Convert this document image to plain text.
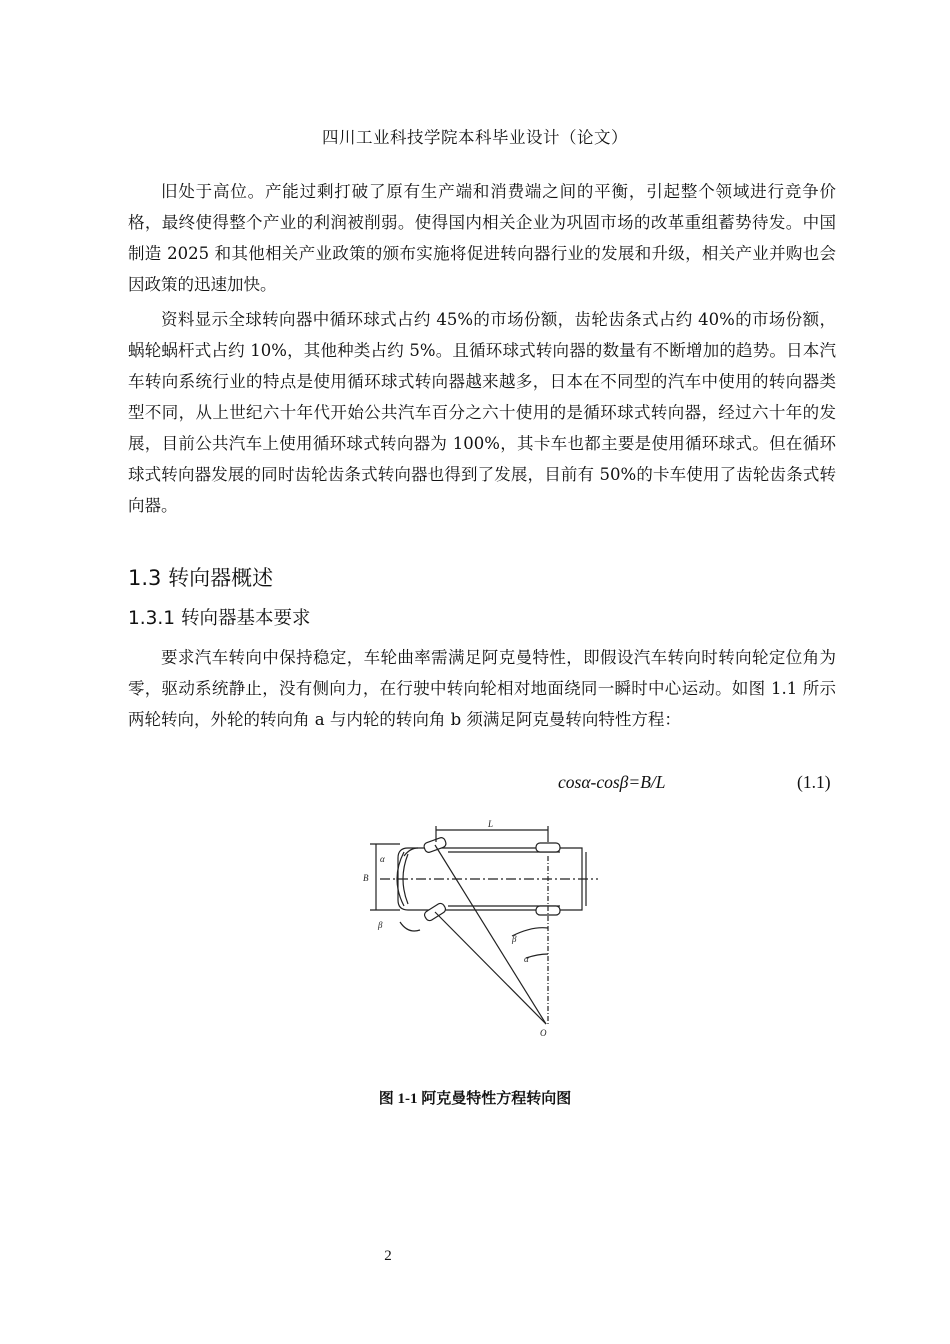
四川工业科技学院本科毕业设计（论文）

旧处于高位。产能过剩打破了原有生产端和消费端之间的平衡，引起整个领域进行竞争价格，最终使得整个产业的利润被削弱。使得国内相关企业为巩固市场的改革重组蓄势待发。中国制造 2025 和其他相关产业政策的颁布实施将促进转向器行业的发展和升级，相关产业并购也会因政策的迅速加快。

资料显示全球转向器中循环球式占约 45%的市场份额，齿轮齿条式占约 40%的市场份额，蜗轮蜗杆式占约 10%，其他种类占约 5%。且循环球式转向器的数量有不断增加的趋势。日本汽车转向系统行业的特点是使用循环球式转向器越来越多，日本在不同型的汽车中使用的转向器类型不同，从上世纪六十年代开始公共汽车百分之六十使用的是循环球式转向器，经过六十年的发展，目前公共汽车上使用循环球式转向器为 100%，其卡车也都主要是使用循环球式。但在循环球式转向器发展的同时齿轮齿条式转向器也得到了发展，目前有 50%的卡车使用了齿轮齿条式转向器。

1.3 转向器概述
1.3.1 转向器基本要求

要求汽车转向中保持稳定，车轮曲率需满足阿克曼特性，即假设汽车转向时转向轮定位角为零，驱动系统静止，没有侧向力，在行驶中转向轮相对地面绕同一瞬时中心运动。如图 1.1 所示两轮转向，外轮的转向角 a 与内轮的转向角 b 须满足阿克曼转向特性方程：

cosα-cosβ=B/L	(1.1)
L
B
α
β
β
α
O
图 1-1 阿克曼特性方程转向图
2
